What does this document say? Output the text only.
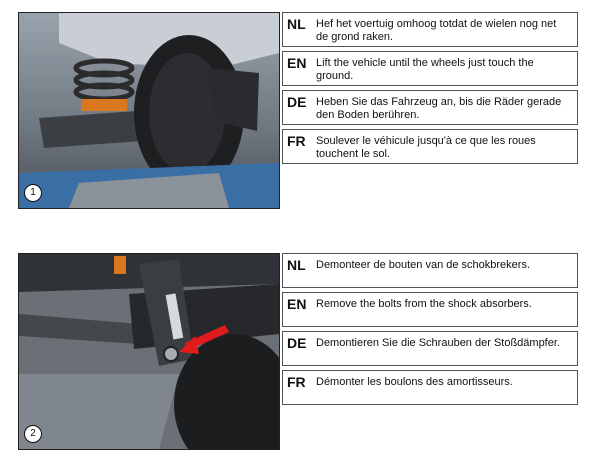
1
NL Hef het voertuig omhoog totdat de wielen nog net de grond raken.
EN Lift the vehicle until the wheels just touch the ground.
DE Heben Sie das Fahrzeug an, bis die Räder gerade den Boden berühren.
FR Soulever le véhicule jusqu'à ce que les roues touchent le sol.
2
NL Demonteer de bouten van de schokbrekers.
EN Remove the bolts from the shock absorbers.
DE Demontieren Sie die Schrauben der Stoßdämpfer.
FR Démonter les boulons des amortisseurs.
